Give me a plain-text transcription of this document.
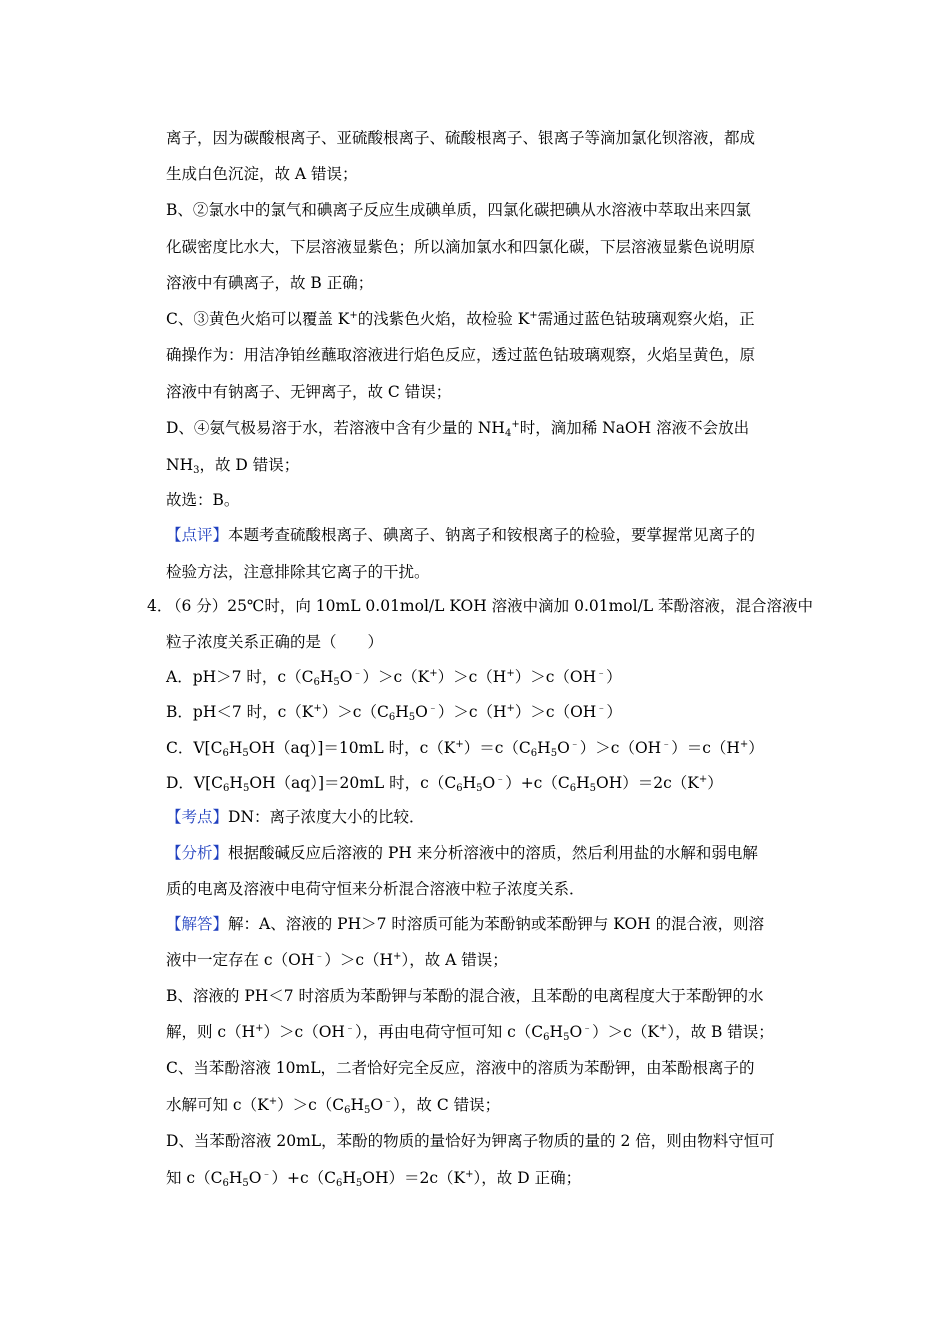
离子，因为碳酸根离子、亚硫酸根离子、硫酸根离子、银离子等滴加氯化钡溶液，都成
生成白色沉淀，故 A 错误；
B、②氯水中的氯气和碘离子反应生成碘单质，四氯化碳把碘从水溶液中萃取出来四氯
化碳密度比水大，下层溶液显紫色；所以滴加氯水和四氯化碳，下层溶液显紫色说明原
溶液中有碘离子，故 B 正确；
C、③黄色火焰可以覆盖 K+的浅紫色火焰，故检验 K+需通过蓝色钴玻璃观察火焰，正
确操作为：用洁净铂丝蘸取溶液进行焰色反应，透过蓝色钴玻璃观察，火焰呈黄色，原
溶液中有钠离子、无钾离子，故 C 错误；
D、④氨气极易溶于水，若溶液中含有少量的 $NH_4^+$时，滴加稀 NaOH 溶液不会放出
$NH_3$，故 D 错误；
故选：B。
【点评】本题考查硫酸根离子、碘离子、钠离子和铵根离子的检验，要掌握常见离子的
检验方法，注意排除其它离子的干扰。
4．
（6 分）25℃时，向 10mL 0.01mol/L KOH 溶液中滴加 0.01mol/L 苯酚溶液，混合溶液中
粒子浓度关系正确的是（　　）
A．pH＞7 时，$c(C_6H_5O^﹣)>c(K^+)>c(H^+)>c(OH^﹣)$
B．pH＜7 时，$c(K^+)>c(C_6H_5O^﹣)>c(H^+)>c(OH^﹣)$
C．$V[C_6H_5OH(aq)]=10mL$ 时，$c(K^+)=c(C_6H_5O^﹣)>c(OH^﹣)=c(H^+)$
D．$V[C_6H_5OH(aq)]=20mL$ 时，$c(C_6H_5O^﹣)+c(C_6H_5OH)=2c(K^+)$
【考点】DN：离子浓度大小的比较．
【分析】根据酸碱反应后溶液的 PH 来分析溶液中的溶质，然后利用盐的水解和弱电解
质的电离及溶液中电荷守恒来分析混合溶液中粒子浓度关系．
【解答】解：A、溶液的 PH＞7 时溶质可能为苯酚钠或苯酚钾与 KOH 的混合液，则溶
液中一定存在 c（OH﹣）＞c（H+），故 A 错误；
B、溶液的 PH＜7 时溶质为苯酚钾与苯酚的混合液，且苯酚的电离程度大于苯酚钾的水
解，则 c（H+）＞c（OH﹣），再由电荷守恒可知 $c(C_6H_5O^﹣)>c(K^+)$，故 B 错误；
C、当苯酚溶液 10mL，二者恰好完全反应，溶液中的溶质为苯酚钾，由苯酚根离子的
水解可知 $c(K^+)>c(C_6H_5O^﹣)$，故 C 错误；
D、当苯酚溶液 20mL，苯酚的物质的量恰好为钾离子物质的量的 2 倍，则由物料守恒可
知 $c(C_6H_5O^﹣)+c(C_6H_5OH)=2c(K^+)$，故 D 正确；
